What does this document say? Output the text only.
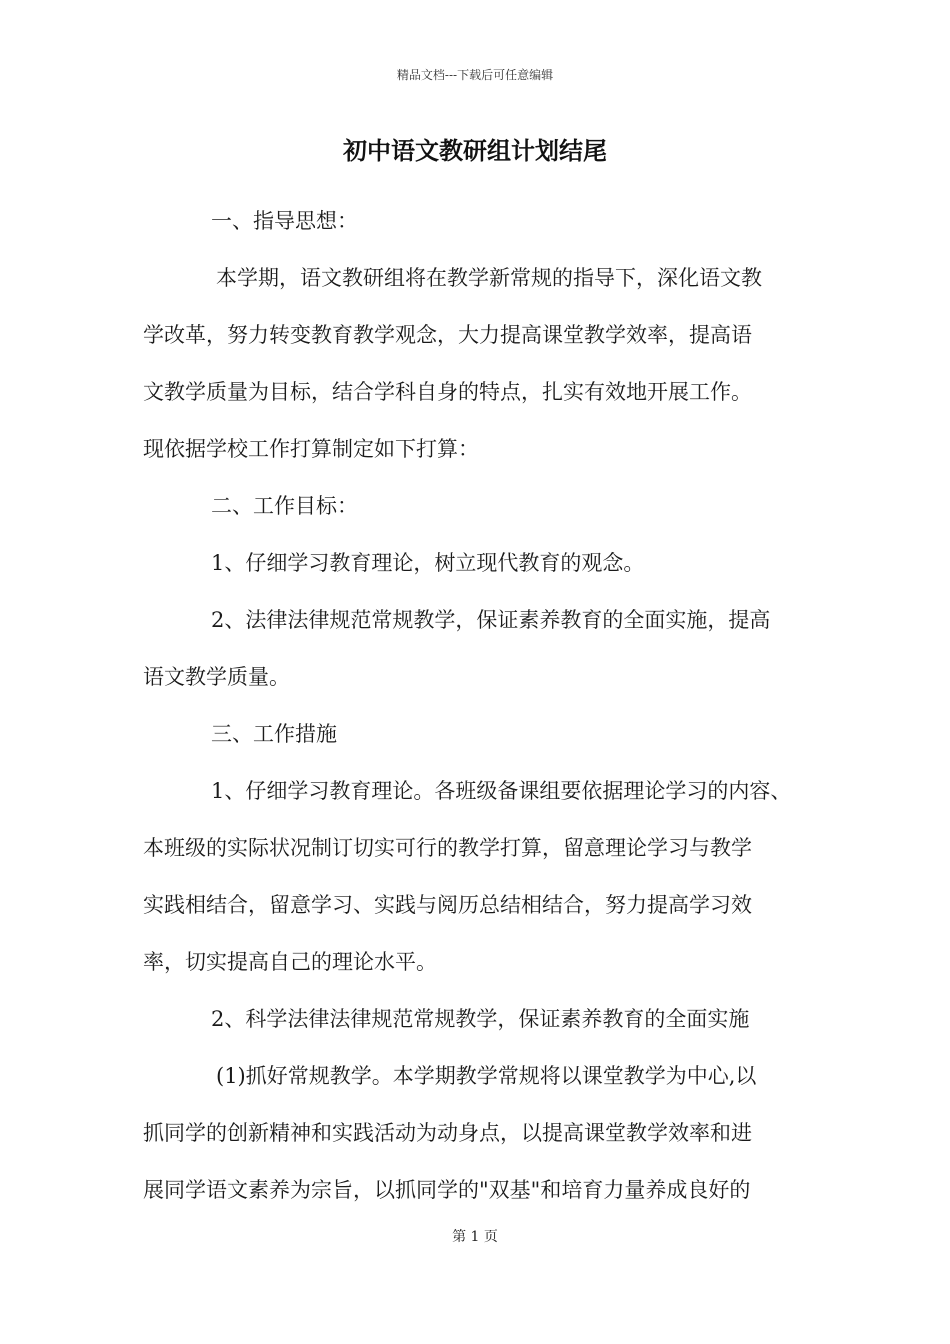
精品文档---下载后可任意编辑
初中语文教研组计划结尾

一、指导思想：

本学期，语文教研组将在教学新常规的指导下，深化语文教

学改革，努力转变教育教学观念，大力提高课堂教学效率，提高语

文教学质量为目标，结合学科自身的特点，扎实有效地开展工作。

现依据学校工作打算制定如下打算：

二、工作目标：

1、仔细学习教育理论，树立现代教育的观念。

2、法律法律规范常规教学，保证素养教育的全面实施，提高

语文教学质量。

三、工作措施

1、仔细学习教育理论。各班级备课组要依据理论学习的内容、

本班级的实际状况制订切实可行的教学打算，留意理论学习与教学

实践相结合，留意学习、实践与阅历总结相结合，努力提高学习效

率，切实提高自己的理论水平。

2、科学法律法律规范常规教学，保证素养教育的全面实施

(1)抓好常规教学。本学期教学常规将以课堂教学为中心,以

抓同学的创新精神和实践活动为动身点，以提高课堂教学效率和进

展同学语文素养为宗旨，以抓同学的"双基"和培育力量养成良好的

第 1 页
